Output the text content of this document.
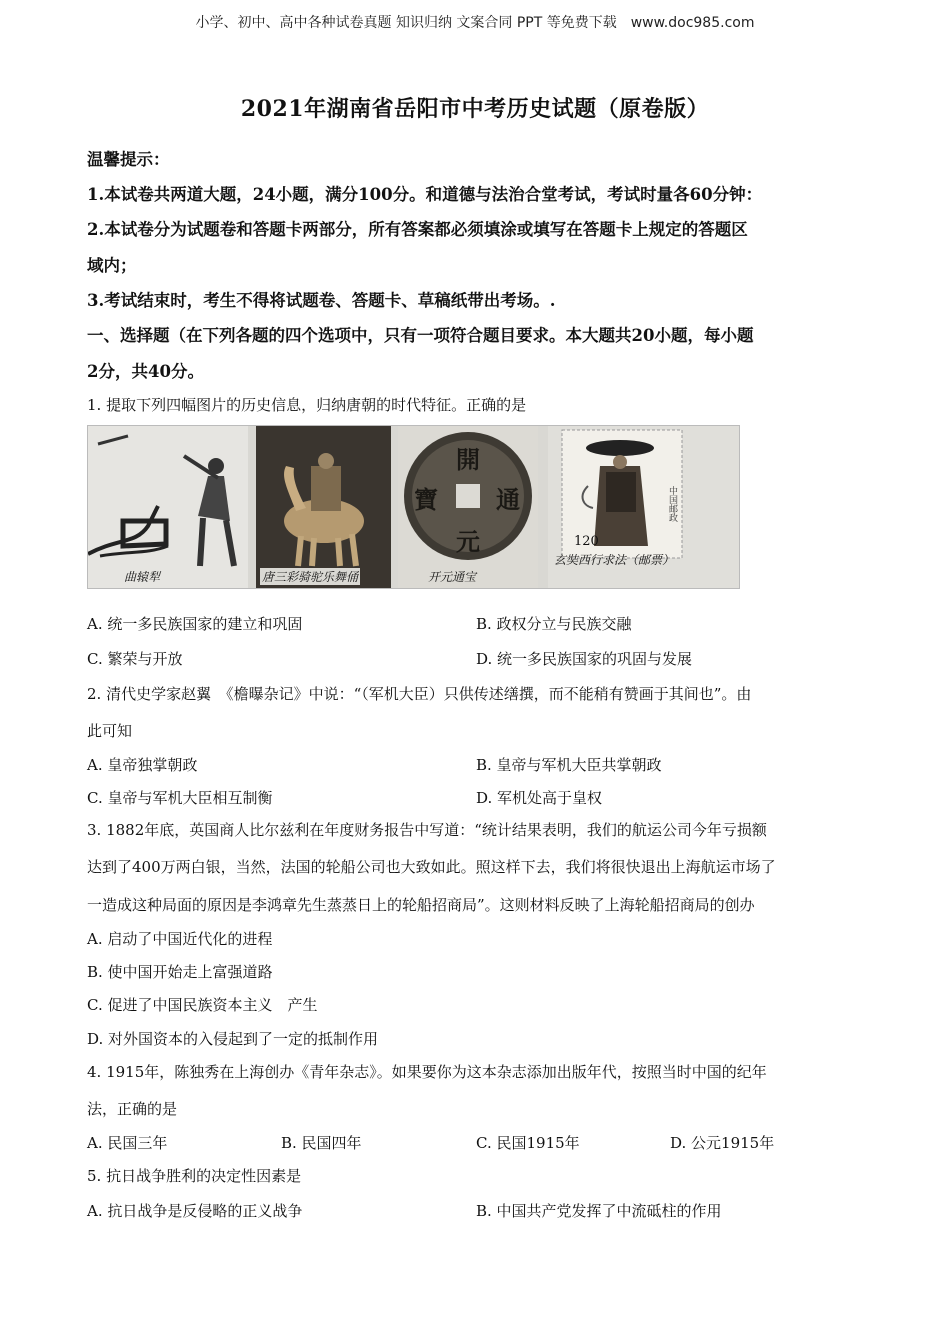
小学、初中、高中各种试卷真题 知识归纳 文案合同 PPT 等免费下载　www.doc985.com
2021年湖南省岳阳市中考历史试题（原卷版）
温馨提示：
1.本试卷共两道大题，24小题，满分100分。和道德与法治合堂考试，考试时量各60分钟：
2.本试卷分为试题卷和答题卡两部分，所有答案都必须填涂或填写在答题卡上规定的答题区
域内；
3.考试结束时，考生不得将试题卷、答题卡、草稿纸带出考场。.
一、选择题（在下列各题的四个选项中，只有一项符合题目要求。本大题共20小题，每小题
2分，共40分。
1. 提取下列四幅图片的历史信息，归纳唐朝的时代特征。正确的是
曲辕犁	唐三彩骑驼乐舞俑
開
元
通
寶
开元通宝
120
中国邮政
玄奘西行求法（邮票）
A. 统一多民族国家的建立和巩固	B. 政权分立与民族交融
C. 繁荣与开放	D. 统一多民族国家的巩固与发展
2. 清代史学家赵翼　《檐曝杂记》中说：“（军机大臣）只供传述缮撰，而不能稍有赞画于其间也”。由
此可知
A. 皇帝独掌朝政	B. 皇帝与军机大臣共掌朝政
C. 皇帝与军机大臣相互制衡	D. 军机处高于皇权
3. 1882年底，英国商人比尔兹利在年度财务报告中写道：“统计结果表明，我们的航运公司今年亏损额
达到了400万两白银，当然，法国的轮船公司也大致如此。照这样下去，我们将很快退出上海航运市场了
一造成这种局面的原因是李鸿章先生蒸蒸日上的轮船招商局”。这则材料反映了上海轮船招商局的创办
A. 启动了中国近代化的进程
B. 使中国开始走上富强道路
C. 促进了中国民族资本主义　产生
D. 对外国资本的入侵起到了一定的抵制作用
4. 1915年，陈独秀在上海创办《青年杂志》。如果要你为这本杂志添加出版年代，按照当时中国的纪年
法，正确的是
A. 民国三年	B. 民国四年	C. 民国1915年	D. 公元1915年
5. 抗日战争胜利的决定性因素是
A. 抗日战争是反侵略的正义战争	B. 中国共产党发挥了中流砥柱的作用
